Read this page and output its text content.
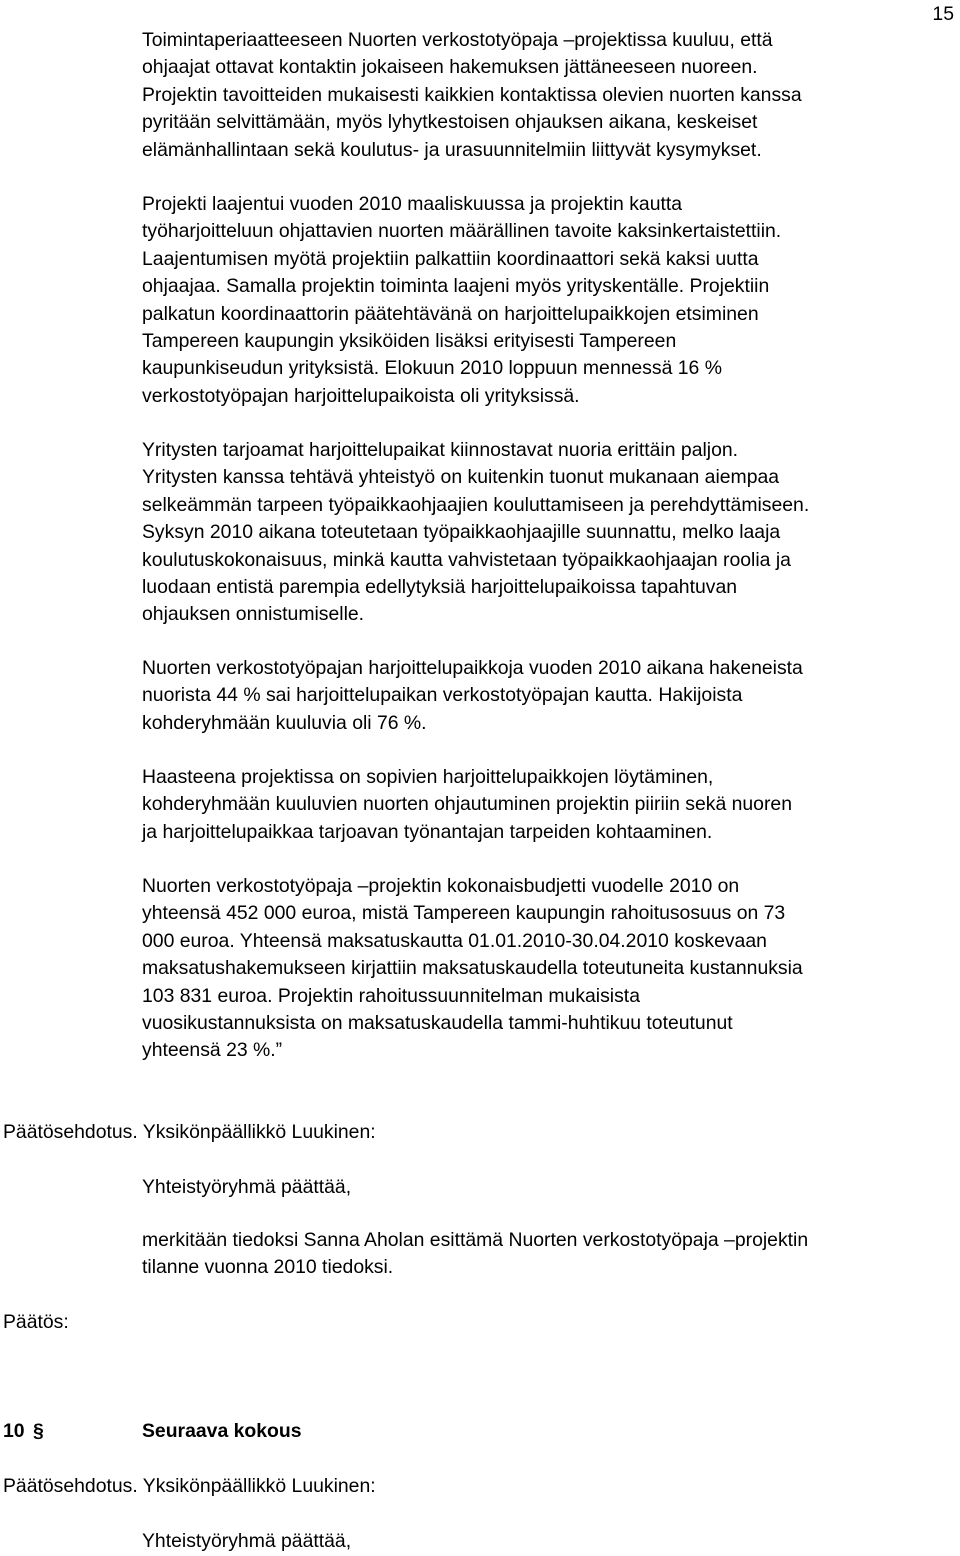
15

Toimintaperiaatteeseen Nuorten verkostotyöpaja –projektissa kuuluu, että

ohjaajat ottavat kontaktin jokaiseen hakemuksen jättäneeseen nuoreen.

Projektin tavoitteiden mukaisesti kaikkien kontaktissa olevien nuorten kanssa

pyritään selvittämään, myös lyhytkestoisen ohjauksen aikana, keskeiset

elämänhallintaan sekä koulutus- ja urasuunnitelmiin liittyvät kysymykset.

Projekti laajentui vuoden 2010 maaliskuussa ja projektin kautta

työharjoitteluun ohjattavien nuorten määrällinen tavoite kaksinkertaistettiin.

Laajentumisen myötä projektiin palkattiin koordinaattori sekä kaksi uutta

ohjaajaa. Samalla projektin toiminta laajeni myös yrityskentälle. Projektiin

palkatun koordinaattorin päätehtävänä on harjoittelupaikkojen etsiminen

Tampereen kaupungin yksiköiden lisäksi erityisesti Tampereen

kaupunkiseudun yrityksistä. Elokuun 2010 loppuun mennessä 16 %

verkostotyöpajan harjoittelupaikoista oli yrityksissä.

Yritysten tarjoamat harjoittelupaikat kiinnostavat nuoria erittäin paljon.

Yritysten kanssa tehtävä yhteistyö on kuitenkin tuonut mukanaan aiempaa

selkeämmän tarpeen työpaikkaohjaajien kouluttamiseen ja perehdyttämiseen.

Syksyn 2010 aikana toteutetaan työpaikkaohjaajille suunnattu, melko laaja

koulutuskokonaisuus, minkä kautta vahvistetaan työpaikkaohjaajan roolia ja

luodaan entistä parempia edellytyksiä harjoittelupaikoissa tapahtuvan

ohjauksen onnistumiselle.

Nuorten verkostotyöpajan harjoittelupaikkoja vuoden 2010 aikana hakeneista

nuorista 44 % sai harjoittelupaikan verkostotyöpajan kautta. Hakijoista

kohderyhmään kuuluvia oli 76 %.

Haasteena projektissa on sopivien harjoittelupaikkojen löytäminen,

kohderyhmään kuuluvien nuorten ohjautuminen projektin piiriin sekä nuoren

ja harjoittelupaikkaa tarjoavan työnantajan tarpeiden kohtaaminen.

Nuorten verkostotyöpaja –projektin kokonaisbudjetti vuodelle 2010 on

yhteensä 452 000 euroa, mistä Tampereen kaupungin rahoitusosuus on 73

000 euroa. Yhteensä maksatuskautta 01.01.2010-30.04.2010 koskevaan

maksatushakemukseen kirjattiin maksatuskaudella toteutuneita kustannuksia

103 831 euroa. Projektin rahoitussuunnitelman mukaisista

vuosikustannuksista on maksatuskaudella tammi-huhtikuu toteutunut

yhteensä 23 %.”

Päätösehdotus. Yksikönpäällikkö Luukinen:
Yhteistyöryhmä päättää,

merkitään tiedoksi Sanna Aholan esittämä Nuorten verkostotyöpaja –projektin

tilanne vuonna 2010 tiedoksi.

Päätös:
10 §	Seuraava kokous
Päätösehdotus. Yksikönpäällikkö Luukinen:
Yhteistyöryhmä päättää,
